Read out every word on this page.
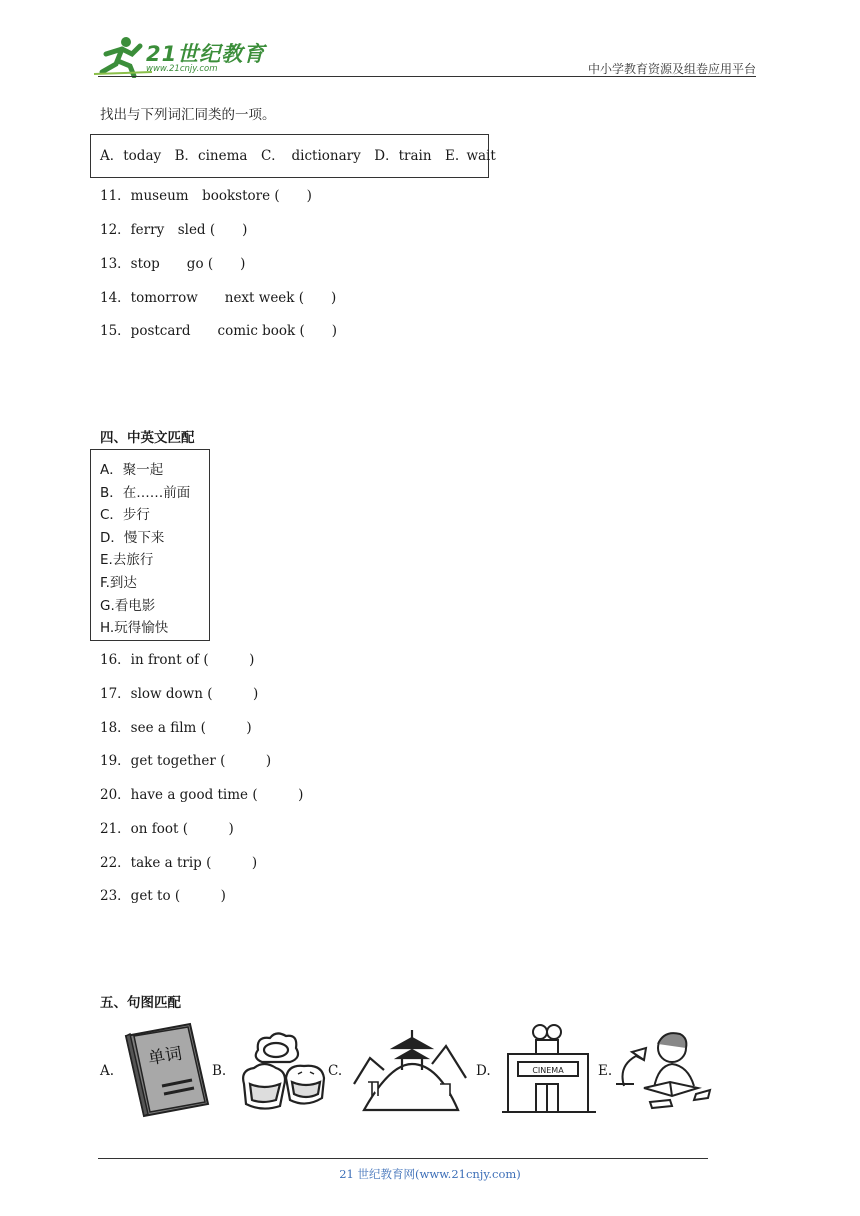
21世纪教育
www.21cnjy.com	中小学教育资源及组卷应用平台
找出与下列词汇同类的一项。
A．today　B．cinema　C．　dictionary　D．train　E. wait
11．museum　bookstore (　　)
12．ferry　sled (　　)
13．stop　　go (　　)
14．tomorrow　　next week (　　)
15．postcard　　comic book (　　)
四、中英文匹配
A．聚一起
B．在……前面
C．步行
D．慢下来
E.去旅行
F.到达
G.看电影
H.玩得愉快
16．in front of (　　　)
17．slow down (　　　)
18．see a film (　　　)
19．get together (　　　)
20．have a good time (　　　)
21．on foot (　　　)
22．take a trip (　　　)
23．get to (　　　)
五、句图匹配
A.
单词
B.	C.	D.	CINEMA	E.
21 世纪教育网(www.21cnjy.com)
